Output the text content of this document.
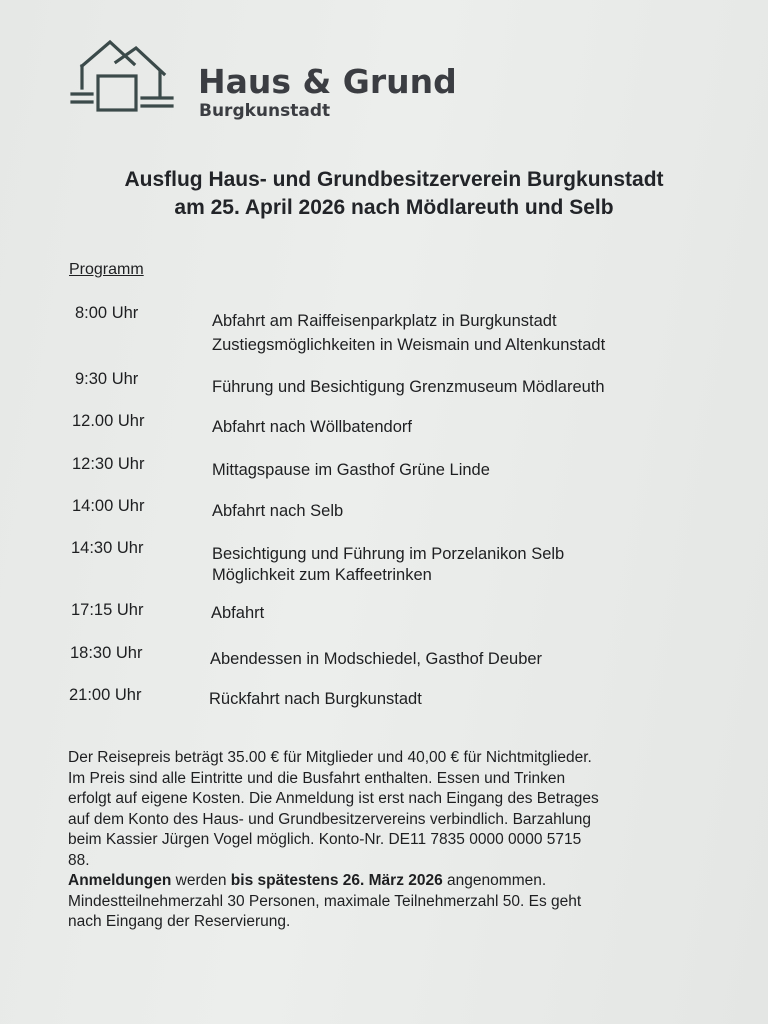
Haus & Grund
Burgkunstadt
Ausflug Haus- und Grundbesitzerverein Burgkunstadt
am 25. April 2026 nach Mödlareuth und Selb
Programm
8:00 Uhr	Abfahrt am Raiffeisenparkplatz in Burgkunstadt
Zustiegsmöglichkeiten in Weismain und Altenkunstadt
9:30 Uhr	Führung und Besichtigung Grenzmuseum Mödlareuth
12.00 Uhr	Abfahrt nach Wöllbatendorf
12:30 Uhr	Mittagspause im Gasthof Grüne Linde
14:00 Uhr	Abfahrt nach Selb
14:30 Uhr	Besichtigung und Führung im Porzelanikon Selb
Möglichkeit zum Kaffeetrinken
17:15 Uhr	Abfahrt
18:30 Uhr	Abendessen in Modschiedel, Gasthof Deuber
21:00 Uhr	Rückfahrt nach Burgkunstadt

Der Reisepreis beträgt 35.00 € für Mitglieder und 40,00 € für Nichtmitglieder.

Im Preis sind alle Eintritte und die Busfahrt enthalten. Essen und Trinken

erfolgt auf eigene Kosten. Die Anmeldung ist erst nach Eingang des Betrages

auf dem Konto des Haus- und Grundbesitzervereins verbindlich. Barzahlung

beim Kassier Jürgen Vogel möglich. Konto-Nr. DE11 7835 0000 0000 5715

88.

Anmeldungen werden bis spätestens 26. März 2026 angenommen.

Mindestteilnehmerzahl 30 Personen, maximale Teilnehmerzahl 50. Es geht

nach Eingang der Reservierung.
